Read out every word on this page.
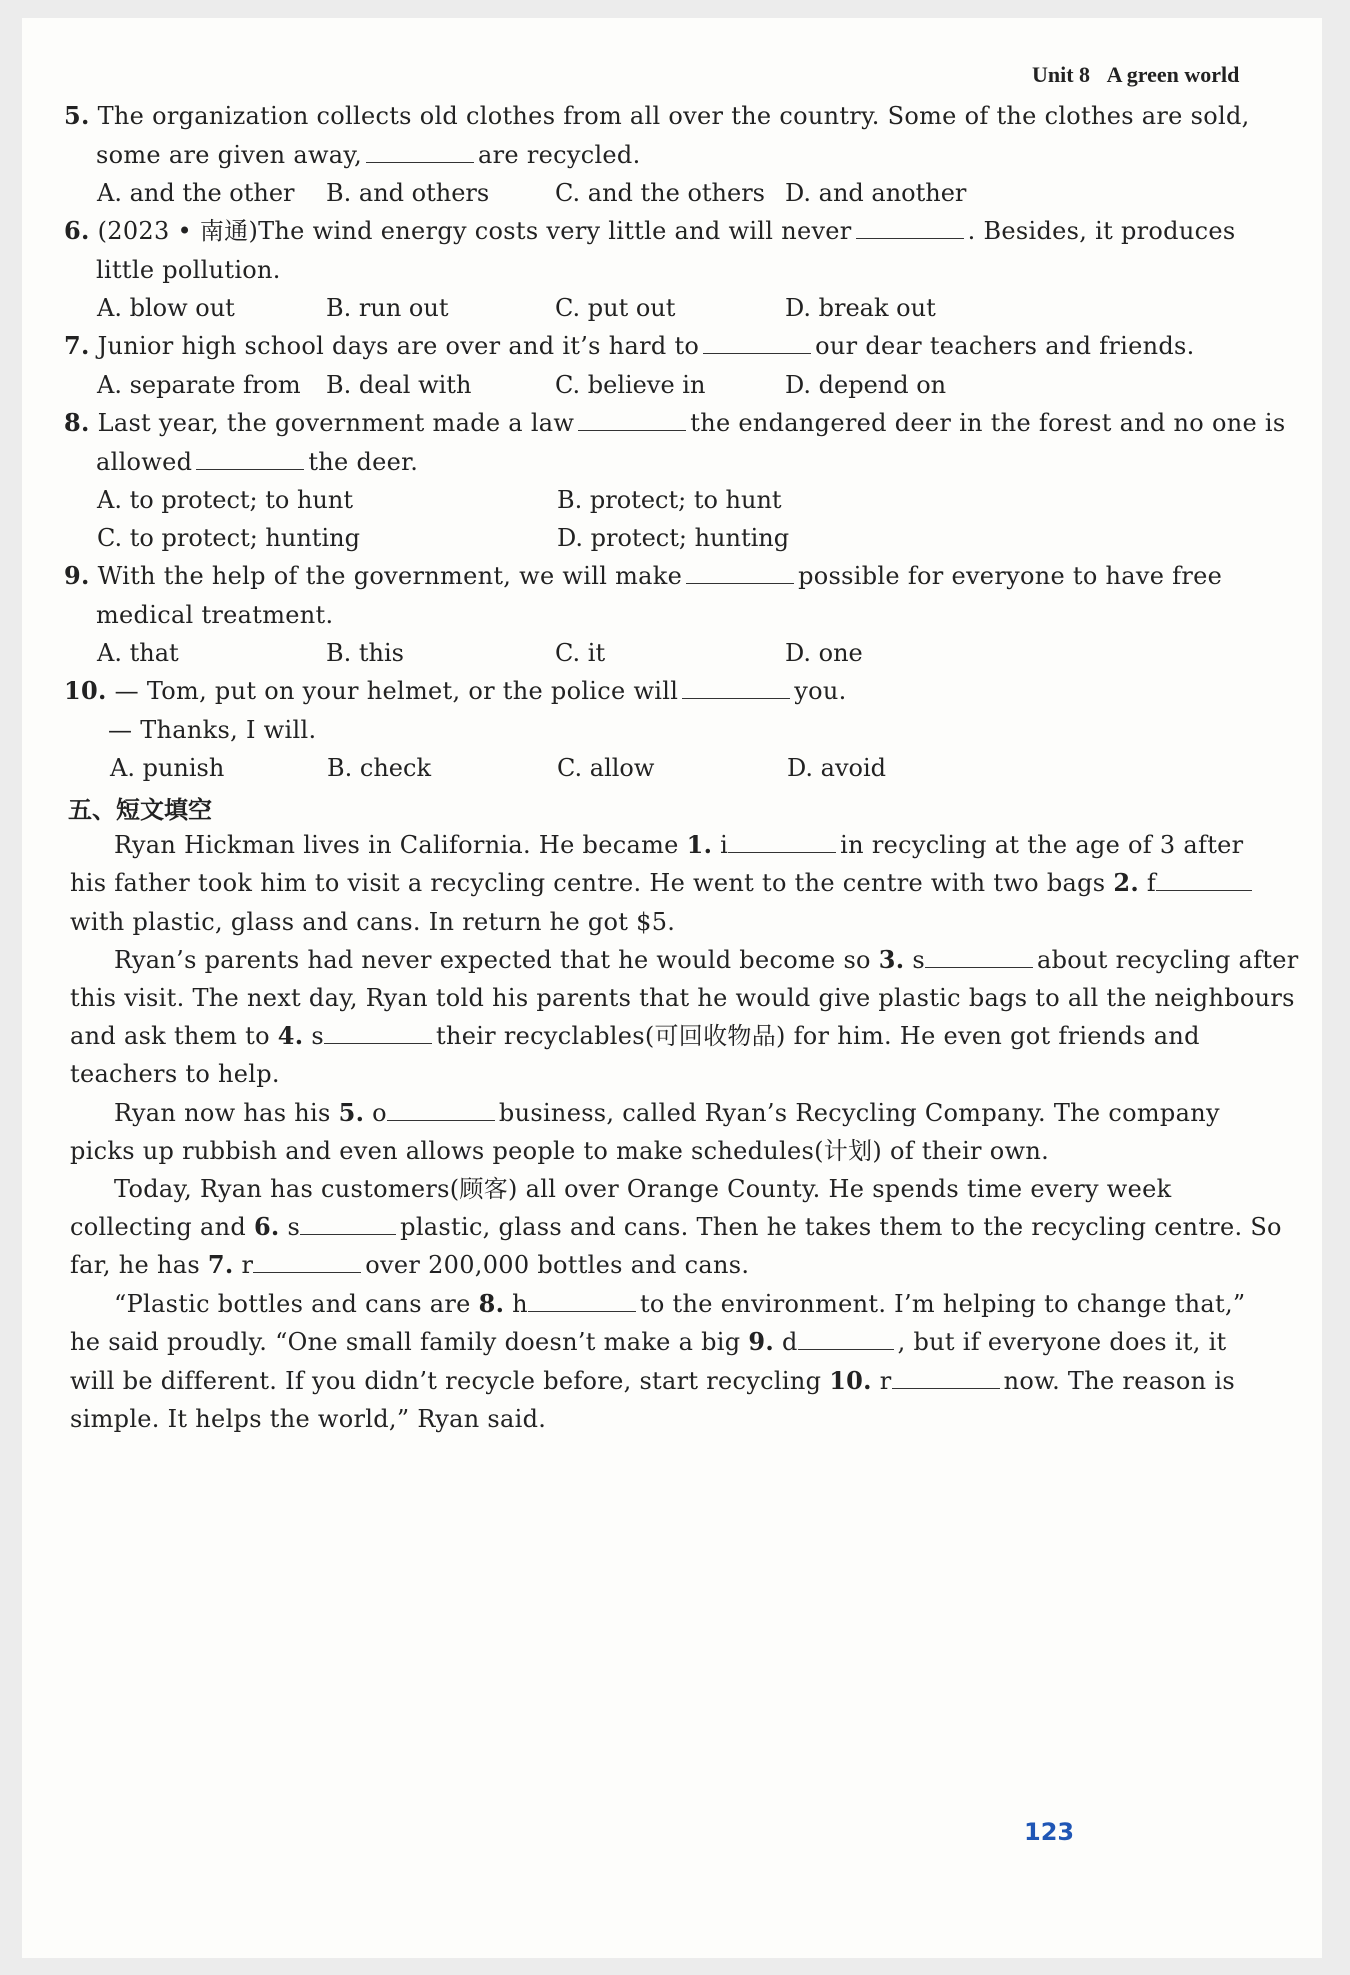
Unit 8 A green world
5. The organization collects old clothes from all over the country. Some of the clothes are sold,
some are given away,	are recycled.
A. and the other B. and others	C. and the others D. and another
6. (2023 • 南通)The wind energy costs very little and will never	. Besides, it produces
little pollution.
A. blow out	B. run out	C. put out	D. break out
7. Junior high school days are over and it’s hard to	our dear teachers and friends.
A. separate from B. deal with	C. believe in	D. depend on
8. Last year, the government made a law	the endangered deer in the forest and no one is
allowed	the deer.
A. to protect; to hunt	B. protect; to hunt
C. to protect; hunting	D. protect; hunting
9. With the help of the government, we will make	possible for everyone to have free
medical treatment.
A. that	B. this	C. it	D. one
10. — Tom, put on your helmet, or the police will	you.
— Thanks, I will.
A. punish	B. check	C. allow	D. avoid
五、短文填空
Ryan Hickman lives in California. He became 1. i	in recycling at the age of 3 after
his father took him to visit a recycling centre. He went to the centre with two bags 2. f
with plastic, glass and cans. In return he got $5.
Ryan’s parents had never expected that he would become so 3. s	about recycling after
this visit. The next day, Ryan told his parents that he would give plastic bags to all the neighbours
and ask them to 4. s	their recyclables(可回收物品) for him. He even got friends and
teachers to help.
Ryan now has his 5. o	business, called Ryan’s Recycling Company. The company
picks up rubbish and even allows people to make schedules(计划) of their own.
Today, Ryan has customers(顾客) all over Orange County. He spends time every week
collecting and 6. s	plastic, glass and cans. Then he takes them to the recycling centre. So
far, he has 7. r	over 200,000 bottles and cans.
“Plastic bottles and cans are 8. h	to the environment. I’m helping to change that,”
he said proudly. “One small family doesn’t make a big 9. d	, but if everyone does it, it
will be different. If you didn’t recycle before, start recycling 10. r	now. The reason is
simple. It helps the world,” Ryan said.
123
